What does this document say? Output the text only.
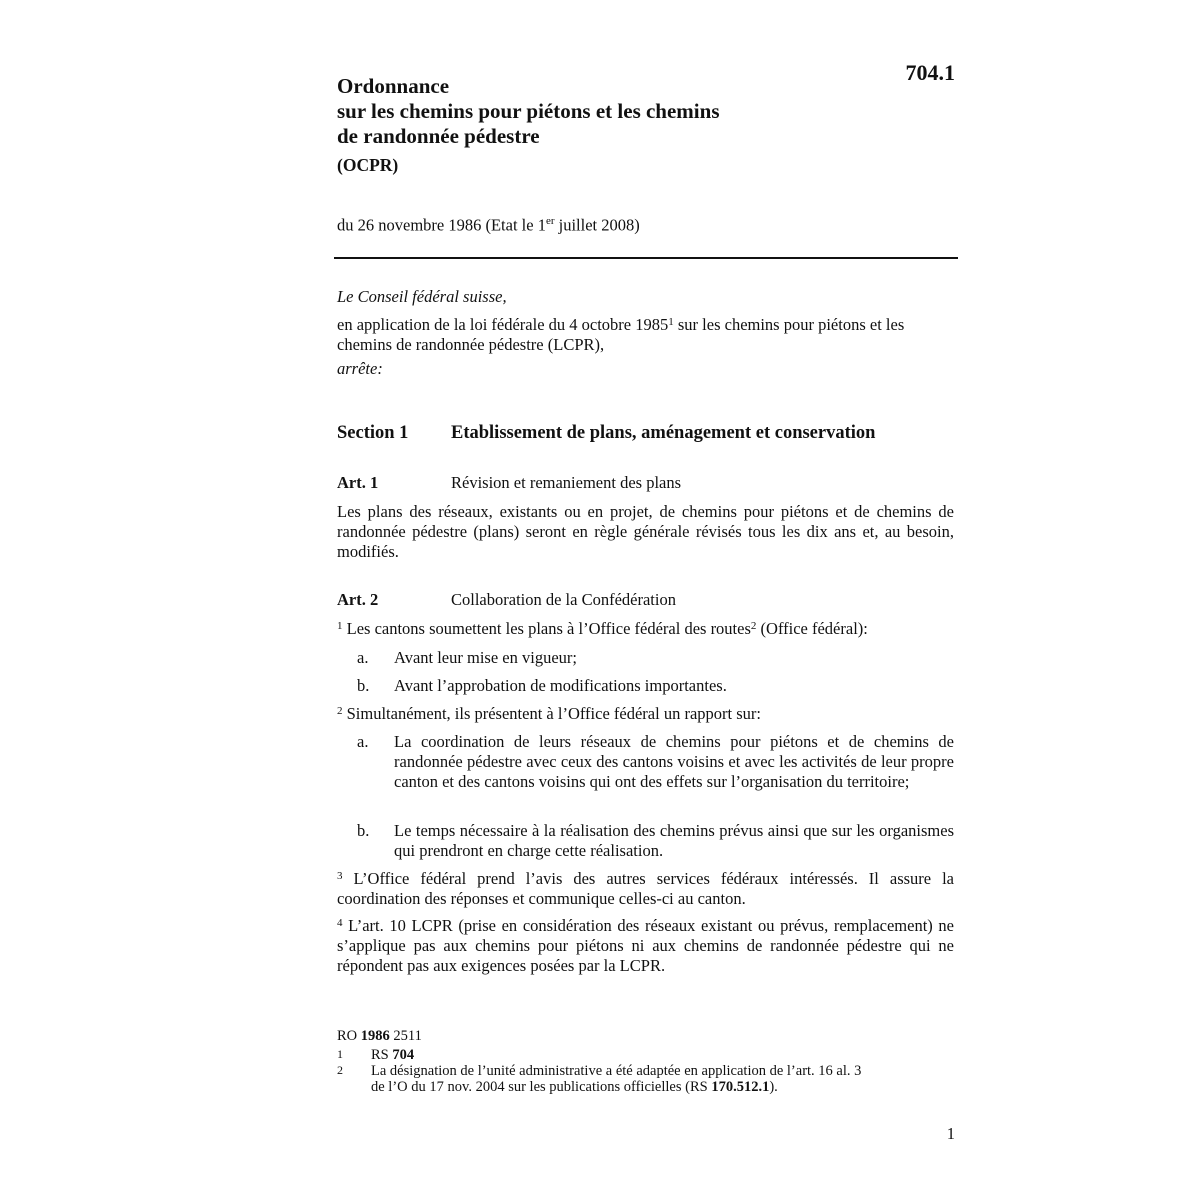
704.1
Ordonnance
sur les chemins pour piétons et les chemins
de randonnée pédestre
(OCPR)
du 26 novembre 1986 (Etat le 1er juillet 2008)

Le Conseil fédéral suisse,

en application de la loi fédérale du 4 octobre 1985$^1$ sur les chemins pour piétons et les chemins de randonnée pédestre (LCPR),

arrête:

Section 1 Etablissement de plans, aménagement et conservation
Art. 1	Révision et remaniement des plans
Les plans des réseaux, existants ou en projet, de chemins pour piétons et de chemins de randonnée pédestre (plans) seront en règle générale révisés tous les dix ans et, au besoin, modifiés.
Art. 2	Collaboration de la Confédération
$^1$ Les cantons soumettent les plans à l’Office fédéral des routes$^2$ (Office fédéral):
a.	Avant leur mise en vigueur;
b.	Avant l’approbation de modifications importantes.
$^2$ Simultanément, ils présentent à l’Office fédéral un rapport sur:
a.	La coordination de leurs réseaux de chemins pour piétons et de chemins de randonnée pédestre avec ceux des cantons voisins et avec les activités de leur propre canton et des cantons voisins qui ont des effets sur l’organisation du territoire;
b.	Le temps nécessaire à la réalisation des chemins prévus ainsi que sur les organismes qui prendront en charge cette réalisation.
$^3$ L’Office fédéral prend l’avis des autres services fédéraux intéressés. Il assure la coordination des réponses et communique celles-ci au canton.
$^4$ L’art. 10 LCPR (prise en considération des réseaux existant ou prévus, remplacement) ne s’applique pas aux chemins pour piétons ni aux chemins de randonnée pédestre qui ne répondent pas aux exigences posées par la LCPR.
RO 1986 2511
1	RS 704
2	La désignation de l’unité administrative a été adaptée en application de l’art. 16 al. 3
de l’O du 17 nov. 2004 sur les publications officielles (RS 170.512.1).
1
